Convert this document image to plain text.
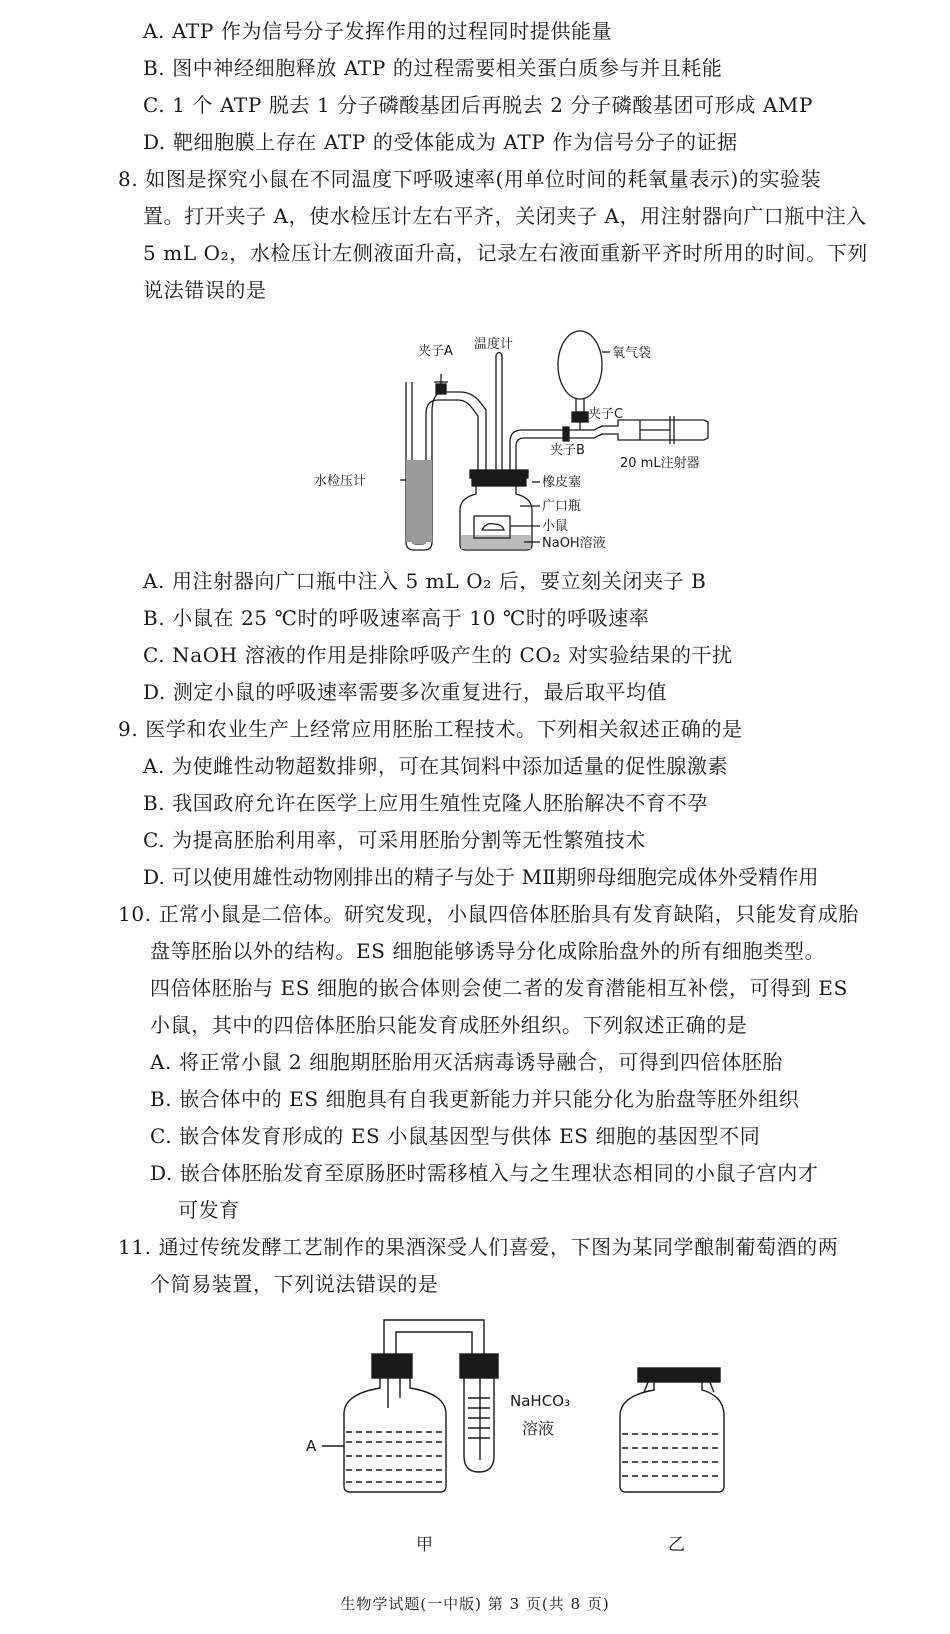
A. ATP 作为信号分子发挥作用的过程同时提供能量
B. 图中神经细胞释放 ATP 的过程需要相关蛋白质参与并且耗能
C. 1 个 ATP 脱去 1 分子磷酸基团后再脱去 2 分子磷酸基团可形成 AMP
D. 靶细胞膜上存在 ATP 的受体能成为 ATP 作为信号分子的证据
8. 如图是探究小鼠在不同温度下呼吸速率(用单位时间的耗氧量表示)的实验装
置。打开夹子 A，使水检压计左右平齐，关闭夹子 A，用注射器向广口瓶中注入
5 mL O₂，水检压计左侧液面升高，记录左右液面重新平齐时所用的时间。下列
说法错误的是
夹子A 温度计
氧气袋
夹子C
夹子B
橡皮塞
20 mL注射器
水检压计
广口瓶
小鼠
NaOH溶液
A. 用注射器向广口瓶中注入 5 mL O₂ 后，要立刻关闭夹子 B
B. 小鼠在 25 ℃时的呼吸速率高于 10 ℃时的呼吸速率
C. NaOH 溶液的作用是排除呼吸产生的 CO₂ 对实验结果的干扰
D. 测定小鼠的呼吸速率需要多次重复进行，最后取平均值
9. 医学和农业生产上经常应用胚胎工程技术。下列相关叙述正确的是
A. 为使雌性动物超数排卵，可在其饲料中添加适量的促性腺激素
B. 我国政府允许在医学上应用生殖性克隆人胚胎解决不育不孕
C. 为提高胚胎利用率，可采用胚胎分割等无性繁殖技术
D. 可以使用雄性动物刚排出的精子与处于 MⅡ期卵母细胞完成体外受精作用
10. 正常小鼠是二倍体。研究发现，小鼠四倍体胚胎具有发育缺陷，只能发育成胎
盘等胚胎以外的结构。ES 细胞能够诱导分化成除胎盘外的所有细胞类型。
四倍体胚胎与 ES 细胞的嵌合体则会使二者的发育潜能相互补偿，可得到 ES
小鼠，其中的四倍体胚胎只能发育成胚外组织。下列叙述正确的是
A. 将正常小鼠 2 细胞期胚胎用灭活病毒诱导融合，可得到四倍体胚胎
B. 嵌合体中的 ES 细胞具有自我更新能力并只能分化为胎盘等胚外组织
C. 嵌合体发育形成的 ES 小鼠基因型与供体 ES 细胞的基因型不同
D. 嵌合体胚胎发育至原肠胚时需移植入与之生理状态相同的小鼠子宫内才
可发育
11. 通过传统发酵工艺制作的果酒深受人们喜爱，下图为某同学酿制葡萄酒的两
个简易装置，下列说法错误的是
A
NaHCO₃
溶液
甲	乙
生物学试题(一中版) 第 3 页(共 8 页)
